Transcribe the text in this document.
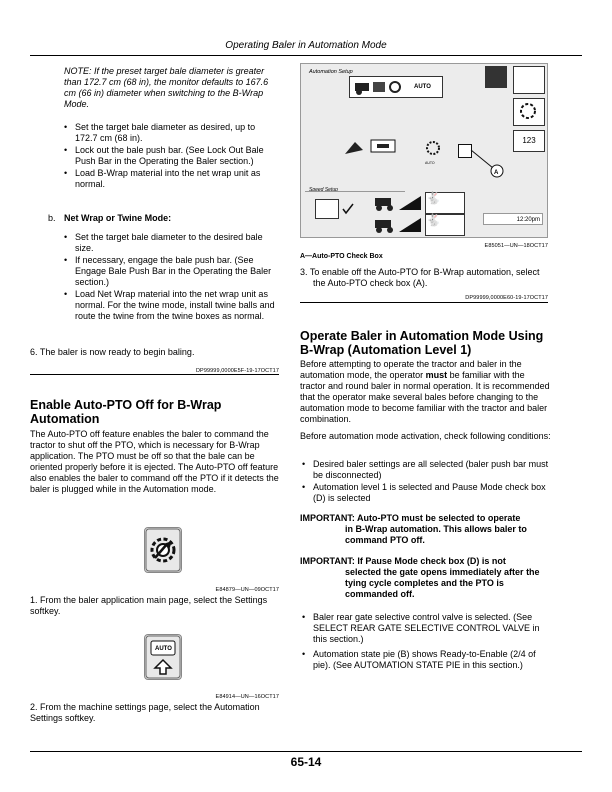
Operating Baler in Automation Mode
NOTE: If the preset target bale diameter is greater than 172.7 cm (68 in), the monitor defaults to 167.6 cm (66 in) diameter when switching to the B-Wrap Mode.
• Set the target bale diameter as desired, up to 172.7 cm (68 in).
• Lock out the bale push bar. (See Lock Out Bale Push Bar in the Operating the Baler section.)
• Load B-Wrap material into the net wrap unit as normal.
b. Net Wrap or Twine Mode:
• Set the target bale diameter to the desired bale size.
• If necessary, engage the bale push bar. (See Engage Bale Push Bar in the Operating the Baler section.)
• Load Net Wrap material into the net wrap unit as normal. For the twine mode, install twine balls and route the twine from the twine boxes as normal.
6. The baler is now ready to begin baling.
DP99999,0000E5F-19-17OCT17
Enable Auto-PTO Off for B-Wrap Automation

The Auto-PTO off feature enables the baler to command the tractor to shut off the PTO, which is necessary for B-Wrap application. The PTO must be off so that the bale can be oriented properly before it is ejected. The Auto-PTO off feature also enables the baler to command off the PTO if it detects the baler is plugged while in the Automation mode.

E84879—UN—09OCT17
1. From the baler application main page, select the Settings softkey.
AUTO
E84914—UN—16OCT17
2. From the machine settings page, select the Automation Settings softkey.
Automation Setup
AUTO
123
AUTO
A
Speed Setup
🐇
🐇	12:20pm
E85051—UN—18OCT17
A—Auto-PTO Check Box
3. To enable off the Auto-PTO for B-Wrap automation, select the Auto-PTO check box (A).
DP99999,0000E60-19-17OCT17
Operate Baler in Automation Mode Using B-Wrap (Automation Level 1)

Before attempting to operate the tractor and baler in the automation mode, the operator must be familiar with the tractor and round baler in normal operation. It is recommended that the operator make several bales before changing to the automation mode to become familiar with the tractor and baler combination.

Before automation mode activation, check following conditions:

• Desired baler settings are all selected (baler push bar must be disconnected)
• Automation level 1 is selected and Pause Mode check box (D) is selected

IMPORTANT: Auto-PTO must be selected to operate
in B-Wrap automation. This allows baler to command PTO off.

IMPORTANT: If Pause Mode check box (D) is not
selected the gate opens immediately after the tying cycle completes and the PTO is commanded off.

• Baler rear gate selective control valve is selected. (See SELECT REAR GATE SELECTIVE CONTROL VALVE in this section.)
• Automation state pie (B) shows Ready-to-Enable (2/4 of pie). (See AUTOMATION STATE PIE in this section.)
65-14
